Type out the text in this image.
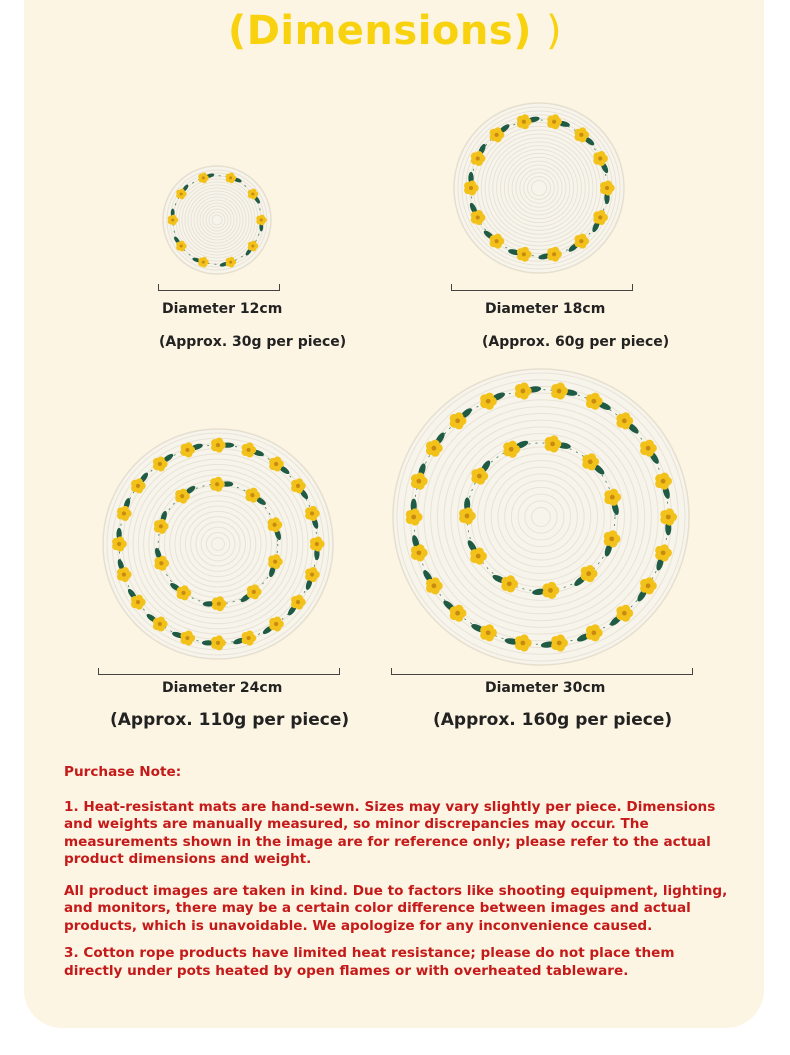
(Dimensions) )
Diameter 12cm
(Approx. 30g per piece)
Diameter 18cm
(Approx. 60g per piece)
Diameter 24cm
(Approx. 110g per piece)
Diameter 30cm
(Approx. 160g per piece)

Purchase Note:

1. Heat-resistant mats are hand-sewn. Sizes may vary slightly per piece. Dimensions and weights are manually measured, so minor discrepancies may occur. The measurements shown in the image are for reference only; please refer to the actual product dimensions and weight.

All product images are taken in kind. Due to factors like shooting equipment, lighting, and monitors, there may be a certain color difference between images and actual products, which is unavoidable. We apologize for any inconvenience caused.

3. Cotton rope products have limited heat resistance; please do not place them directly under pots heated by open flames or with overheated tableware.
